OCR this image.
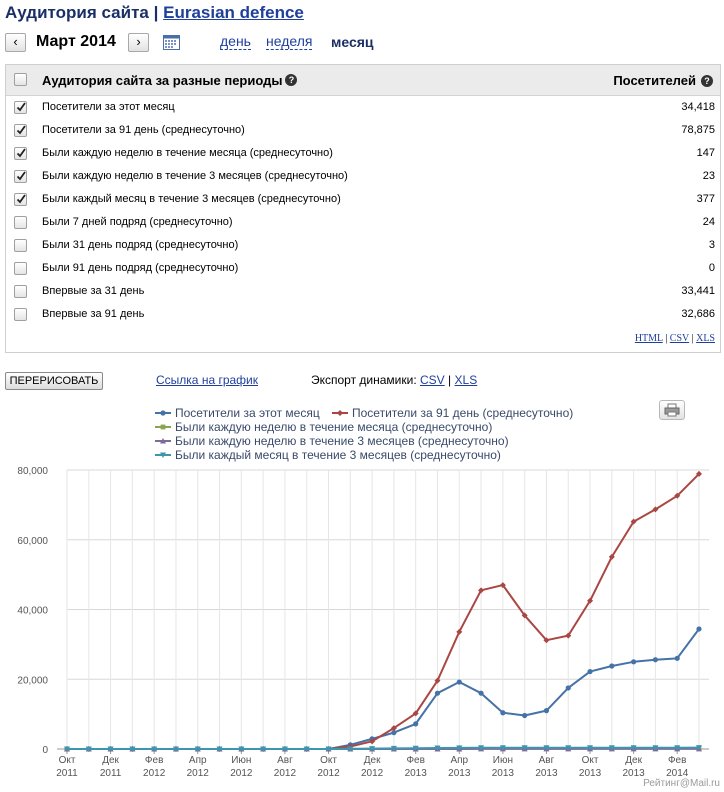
Аудитория сайта | Eurasian defence
‹	Март 2014	›	день неделя месяц
Аудитория сайта за разные периоды ?	Посетителей ?
Посетители за этот месяц	34,418
Посетители за 91 день (среднесуточно)	78,875
Были каждую неделю в течение месяца (среднесуточно)	147
Были каждую неделю в течение 3 месяцев (среднесуточно)	23
Были каждый месяц в течение 3 месяцев (среднесуточно)	377
Были 7 дней подряд (среднесуточно)	24
Были 31 день подряд (среднесуточно)	3
Были 91 день подряд (среднесуточно)	0
Впервые за 31 день	33,441
Впервые за 91 день	32,686
HTML | CSV | XLS
ПЕРЕРИСОВАТЬ	Ссылка на график	Экспорт динамики: CSV | XLS
0
20,000
40,000
60,000
80,000
Окт
2011
Дек
2011
Фев
2012
Апр
2012
Июн
2012
Авг
2012
Окт
2012
Дек
2012
Фев
2013
Апр
2013
Июн
2013
Авг
2013
Окт
2013
Дек
2013
Фев
2014
Посетители за этот месяц	Посетители за 91 день (среднесуточно)
Были каждую неделю в течение месяца (среднесуточно)
Были каждую неделю в течение 3 месяцев (среднесуточно)
Были каждый месяц в течение 3 месяцев (среднесуточно)
Рейтинг@Mail.ru
